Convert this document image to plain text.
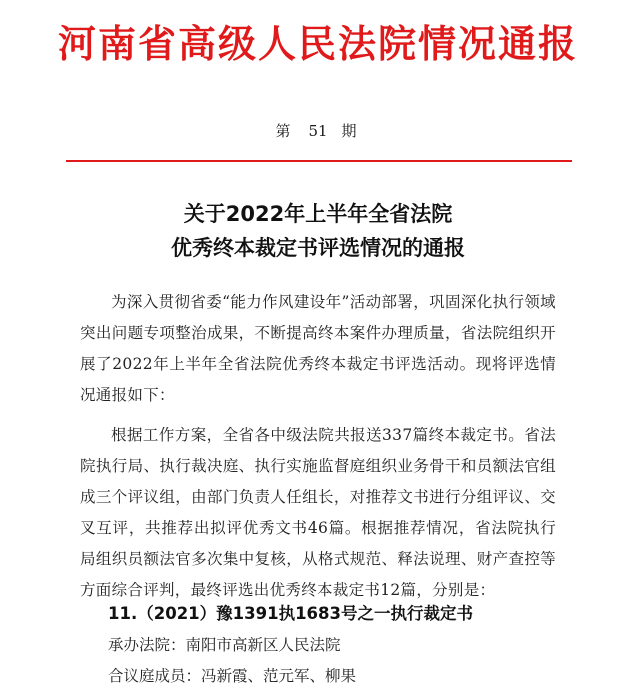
河南省高级人民法院情况通报
第 51 期
关于2022年上半年全省法院
优秀终本裁定书评选情况的通报
为深入贯彻省委“能力作风建设年”活动部署，巩固深化执行领域突出问题专项整治成果，不断提高终本案件办理质量，省法院组织开展了2022年上半年全省法院优秀终本裁定书评选活动。现将评选情况通报如下：
根据工作方案，全省各中级法院共报送337篇终本裁定书。省法院执行局、执行裁决庭、执行实施监督庭组织业务骨干和员额法官组成三个评议组，由部门负责人任组长，对推荐文书进行分组评议、交叉互评，共推荐出拟评优秀文书46篇。根据推荐情况，省法院执行局组织员额法官多次集中复核，从格式规范、释法说理、财产查控等方面综合评判，最终评选出优秀终本裁定书12篇，分别是：
11.（2021）豫1391执1683号之一执行裁定书
承办法院：南阳市高新区人民法院
合议庭成员：冯新霞、范元军、柳果
